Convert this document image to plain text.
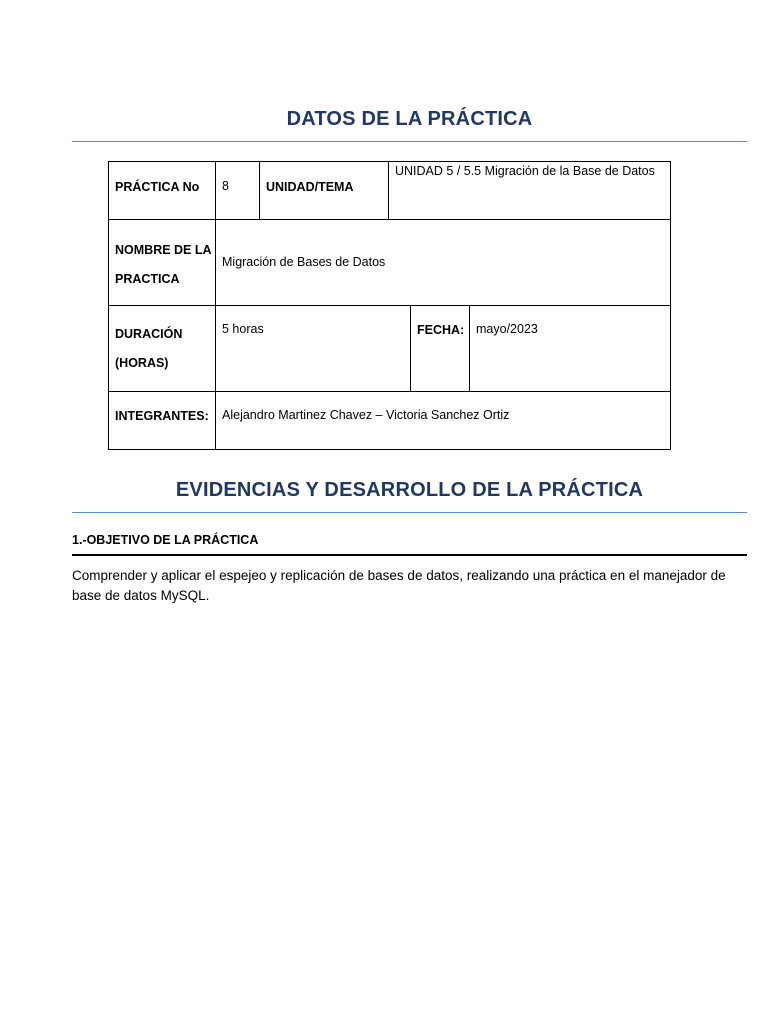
DATOS DE LA PRÁCTICA
PRÁCTICA No	8	UNIDAD/TEMA	UNIDAD 5 / 5.5 Migración de la Base de Datos		

NOMBRE DE LA PRACTICA	Migración de Bases de Datos				

DURACIÓN (HORAS)	5 horas			FECHA:	mayo/2023

INTEGRANTES:	Alejandro Martinez Chavez – Victoria Sanchez Ortiz				
EVIDENCIAS Y DESARROLLO DE LA PRÁCTICA
1.-OBJETIVO DE LA PRÁCTICA
Comprender y aplicar el espejeo y replicación de bases de datos, realizando una práctica en el manejador de base de datos MySQL.
